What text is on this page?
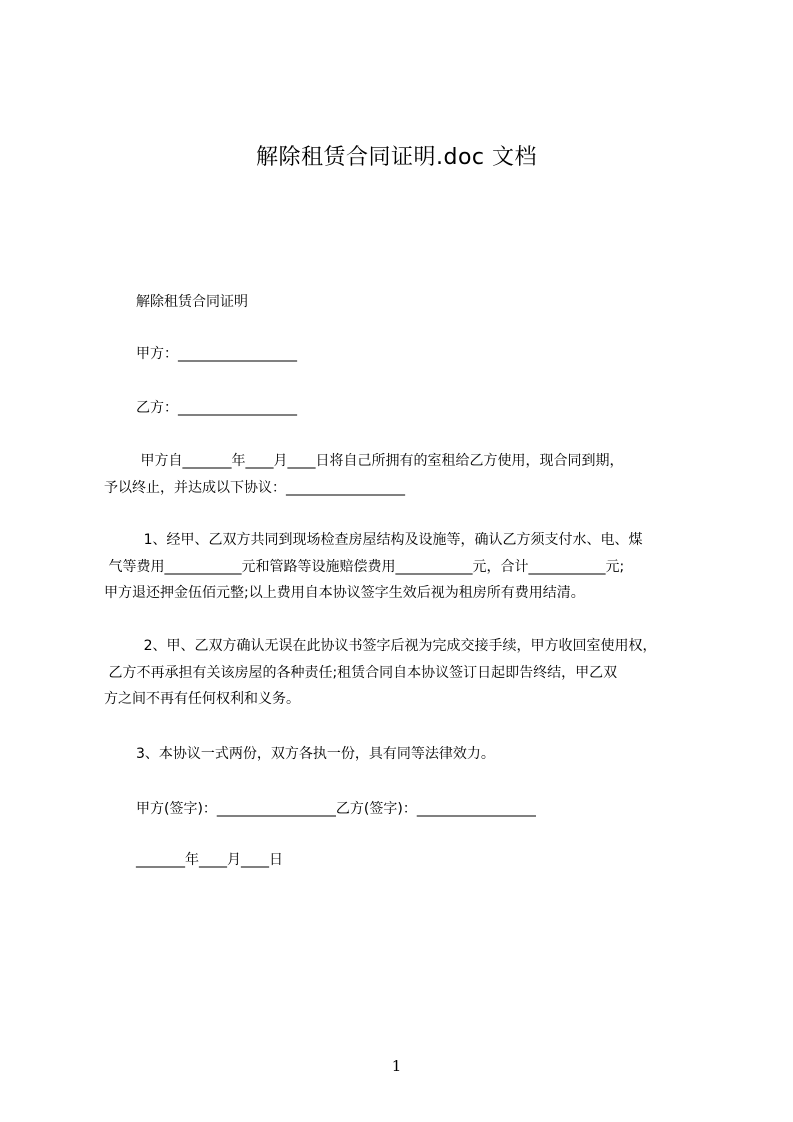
解除租赁合同证明.doc 文档
解除租赁合同证明
甲方：_________________
乙方：_________________
甲方自_______年____月____日将自己所拥有的室租给乙方使用，现合同到期，
予以终止，并达成以下协议：_________________
1、经甲、乙双方共同到现场检查房屋结构及设施等，确认乙方须支付水、电、煤
气等费用___________元和管路等设施赔偿费用___________元，合计___________元;
甲方退还押金伍佰元整;以上费用自本协议签字生效后视为租房所有费用结清。
2、甲、乙双方确认无误在此协议书签字后视为完成交接手续，甲方收回室使用权，
乙方不再承担有关该房屋的各种责任;租赁合同自本协议签订日起即告终结，甲乙双
方之间不再有任何权利和义务。
3、本协议一式两份，双方各执一份，具有同等法律效力。
甲方(签字)：_________________乙方(签字)：_________________
_______年____月____日
1
